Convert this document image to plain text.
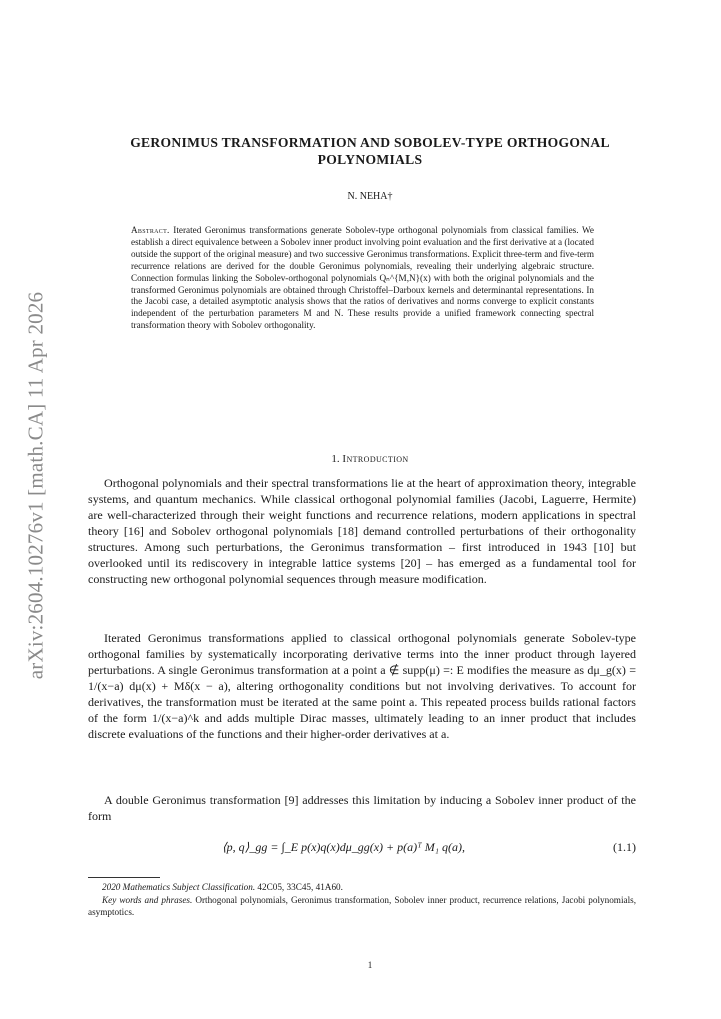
arXiv:2604.10276v1 [math.CA] 11 Apr 2026
GERONIMUS TRANSFORMATION AND SOBOLEV-TYPE ORTHOGONAL POLYNOMIALS
N. NEHA†
Abstract. Iterated Geronimus transformations generate Sobolev-type orthogonal polynomials from classical families. We establish a direct equivalence between a Sobolev inner product involving point evaluation and the first derivative at a (located outside the support of the original measure) and two successive Geronimus transformations. Explicit three-term and five-term recurrence relations are derived for the double Geronimus polynomials, revealing their underlying algebraic structure. Connection formulas linking the Sobolev-orthogonal polynomials Qₙ^{M,N}(x) with both the original polynomials and the transformed Geronimus polynomials are obtained through Christoffel–Darboux kernels and determinantal representations. In the Jacobi case, a detailed asymptotic analysis shows that the ratios of derivatives and norms converge to explicit constants independent of the perturbation parameters M and N. These results provide a unified framework connecting spectral transformation theory with Sobolev orthogonality.
1. Introduction

Orthogonal polynomials and their spectral transformations lie at the heart of approximation theory, integrable systems, and quantum mechanics. While classical orthogonal polynomial families (Jacobi, Laguerre, Hermite) are well-characterized through their weight functions and recurrence relations, modern applications in spectral theory [16] and Sobolev orthogonal polynomials [18] demand controlled perturbations of their orthogonality structures. Among such perturbations, the Geronimus transformation – first introduced in 1943 [10] but overlooked until its rediscovery in integrable lattice systems [20] – has emerged as a fundamental tool for constructing new orthogonal polynomial sequences through measure modification.

Iterated Geronimus transformations applied to classical orthogonal polynomials generate Sobolev-type orthogonal families by systematically incorporating derivative terms into the inner product through layered perturbations. A single Geronimus transformation at a point a ∉ supp(μ) =: E modifies the measure as dμ_g(x) = 1/(x−a) dμ(x) + Mδ(x − a), altering orthogonality conditions but not involving derivatives. To account for derivatives, the transformation must be iterated at the same point a. This repeated process builds rational factors of the form 1/(x−a)^k and adds multiple Dirac masses, ultimately leading to an inner product that includes discrete evaluations of the functions and their higher-order derivatives at a.

A double Geronimus transformation [9] addresses this limitation by inducing a Sobolev inner product of the form

⟨p, q⟩_gg = ∫_E p(x)q(x)dμ_gg(x) + p(a)ᵀ M₁ q(a),	(1.1)

2020 Mathematics Subject Classification. 42C05, 33C45, 41A60.

Key words and phrases. Orthogonal polynomials, Geronimus transformation, Sobolev inner product, recurrence relations, Jacobi polynomials, asymptotics.

1
